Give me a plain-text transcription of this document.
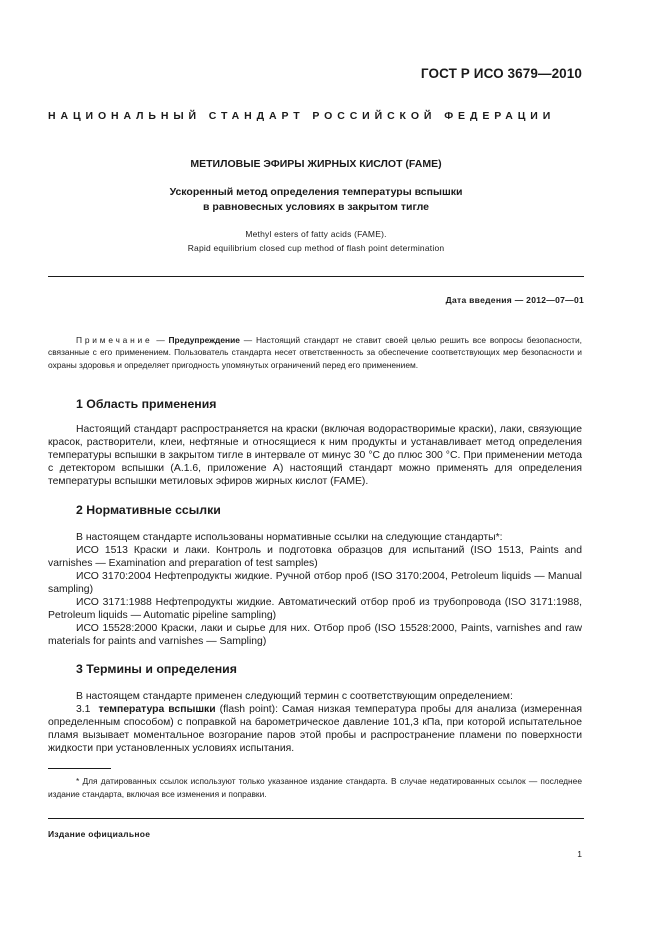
ГОСТ Р ИСО 3679—2010
НАЦИОНАЛЬНЫЙ СТАНДАРТ РОССИЙСКОЙ ФЕДЕРАЦИИ

МЕТИЛОВЫЕ ЭФИРЫ ЖИРНЫХ КИСЛОТ (FAME)

Ускоренный метод определения температуры вспышки
в равновесных условиях в закрытом тигле

Methyl esters of fatty acids (FAME).
Rapid equilibrium closed cup method of flash point determination

Дата введения — 2012—07—01

Примечание — Предупреждение — Настоящий стандарт не ставит своей целью решить все вопросы безопасности, связанные с его применением. Пользователь стандарта несет ответственность за обеспечение соответствующих мер безопасности и охраны здоровья и определяет пригодность упомянутых ограничений перед его применением.

1 Область применения

Настоящий стандарт распространяется на краски (включая водорастворимые краски), лаки, связующие красок, растворители, клеи, нефтяные и относящиеся к ним продукты и устанавливает метод определения температуры вспышки в закрытом тигле в интервале от минус 30 °С до плюс 300 °С. При применении метода с детектором вспышки (А.1.6, приложение А) настоящий стандарт можно применять для определения температуры вспышки метиловых эфиров жирных кислот (FAME).

2 Нормативные ссылки

В настоящем стандарте использованы нормативные ссылки на следующие стандарты*:

ИСО 1513 Краски и лаки. Контроль и подготовка образцов для испытаний (ISO 1513, Paints and varnishes — Examination and preparation of test samples)

ИСО 3170:2004 Нефтепродукты жидкие. Ручной отбор проб (ISO 3170:2004, Petroleum liquids — Manual sampling)

ИСО 3171:1988 Нефтепродукты жидкие. Автоматический отбор проб из трубопровода (ISO 3171:1988, Petroleum liquids — Automatic pipeline sampling)

ИСО 15528:2000 Краски, лаки и сырье для них. Отбор проб (ISO 15528:2000, Paints, varnishes and raw materials for paints and varnishes — Sampling)

3 Термины и определения

В настоящем стандарте применен следующий термин с соответствующим определением:

3.1 температура вспышки (flash point): Самая низкая температура пробы для анализа (измеренная определенным способом) с поправкой на барометрическое давление 101,3 кПа, при которой испытательное пламя вызывает моментальное возгорание паров этой пробы и распространение пламени по поверхности жидкости при установленных условиях испытания.

* Для датированных ссылок используют только указанное издание стандарта. В случае недатированных ссылок — последнее издание стандарта, включая все изменения и поправки.

Издание официальное
1
